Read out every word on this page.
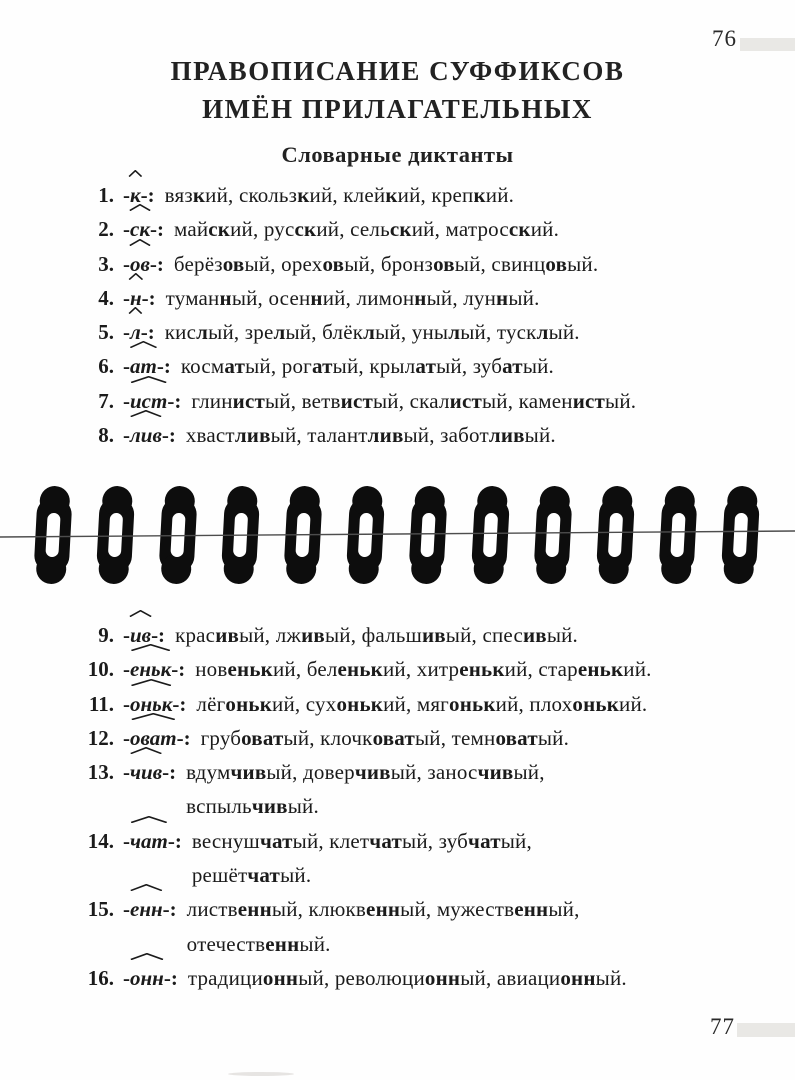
76
ПРАВОПИСАНИЕ СУФФИКСОВ
ИМЁН ПРИЛАГАТЕЛЬНЫХ
Словарные диктанты
1. -к
-: вязкий, скользкий, клейкий, крепкий.
2. -ск
-: майский, русский, сельский, матросский.
3. -ов
-: берёзовый, ореховый, бронзовый, свинцовый.
4. -н
-: туманный, осенний, лимонный, лунный.
5. -л
-: кислый, зрелый, блёклый, унылый, тусклый.
6. -ат
-: косматый, рогатый, крылатый, зубатый.
7. -ист
-: глинистый, ветвистый, скалистый, каменистый.
8. -лив
-: хвастливый, талантливый, заботливый.
9. -ив
-: красивый, лживый, фальшивый, спесивый.
10. -еньк
-: новенький, беленький, хитренький, старенький.
11. -оньк
-: лёгонький, сухонький, мягонький, плохонький.
12. -оват
-: грубоватый, клочковатый, темноватый.
13. -чив
-: вдумчивый, доверчивый, заносчивый,
вспыльчивый.
14. -чат
-: веснушчатый, клетчатый, зубчатый,
решётчатый.
15. -енн
-: лиственный, клюквенный, мужественный,
отечественный.
16. -онн
-: традиционный, революционный, авиационный.
77
